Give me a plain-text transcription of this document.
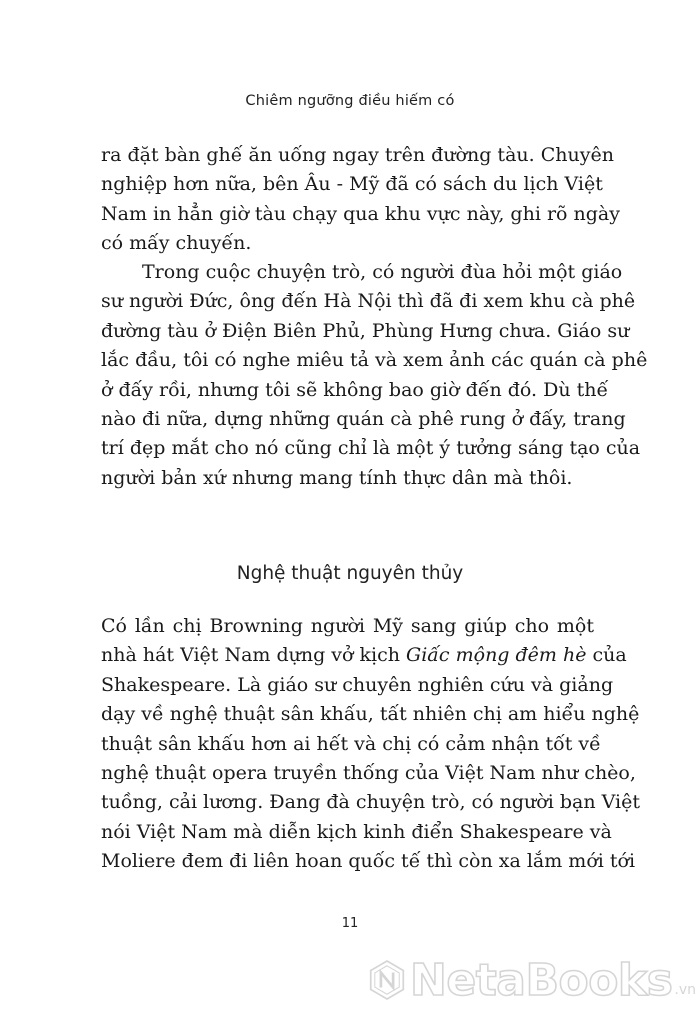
Chiêm ngưỡng điều hiếm có
ra đặt bàn ghế ăn uống ngay trên đường tàu. Chuyên
nghiệp hơn nữa, bên Âu - Mỹ đã có sách du lịch Việt
Nam in hẳn giờ tàu chạy qua khu vực này, ghi rõ ngày
có mấy chuyến.
Trong cuộc chuyện trò, có người đùa hỏi một giáo
sư người Đức, ông đến Hà Nội thì đã đi xem khu cà phê
đường tàu ở Điện Biên Phủ, Phùng Hưng chưa. Giáo sư
lắc đầu, tôi có nghe miêu tả và xem ảnh các quán cà phê
ở đấy rồi, nhưng tôi sẽ không bao giờ đến đó. Dù thế
nào đi nữa, dựng những quán cà phê rung ở đấy, trang
trí đẹp mắt cho nó cũng chỉ là một ý tưởng sáng tạo của
người bản xứ nhưng mang tính thực dân mà thôi.
Nghệ thuật nguyên thủy
Có lần chị Browning người Mỹ sang giúp cho một
nhà hát Việt Nam dựng vở kịch Giấc mộng đêm hè của
Shakespeare. Là giáo sư chuyên nghiên cứu và giảng
dạy về nghệ thuật sân khấu, tất nhiên chị am hiểu nghệ
thuật sân khấu hơn ai hết và chị có cảm nhận tốt về
nghệ thuật opera truyền thống của Việt Nam như chèo,
tuồng, cải lương. Đang đà chuyện trò, có người bạn Việt
nói Việt Nam mà diễn kịch kinh điển Shakespeare và
Moliere đem đi liên hoan quốc tế thì còn xa lắm mới tới
11
NetaBooks .vn
